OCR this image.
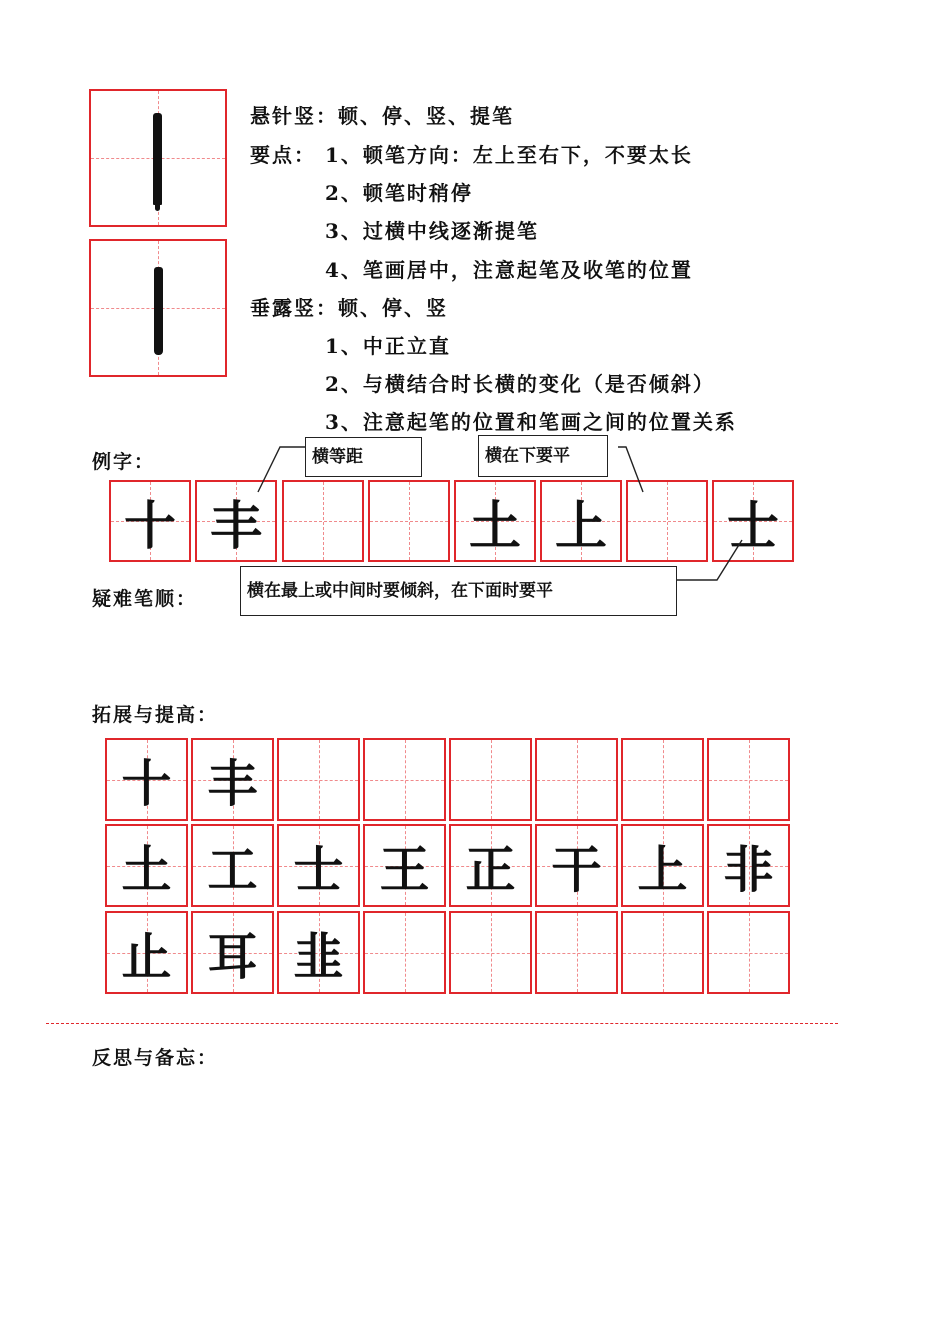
悬针竖：顿、停、竖、提笔
要点： 1、顿笔方向：左上至右下，不要太长
2、顿笔时稍停
3、过横中线逐渐提笔
4、笔画居中，注意起笔及收笔的位置
垂露竖：顿、停、竖
1、中正立直
2、与横结合时长横的变化（是否倾斜）
3、注意起笔的位置和笔画之间的位置关系
例字：	横等距	横在下要平
十 丰	土 上 士
疑难笔顺：	横在最上或中间时要倾斜，在下面时要平
拓展与提高：
十 丰
土 工 士 王 正 干 上 非
止 耳 韭
反思与备忘：
